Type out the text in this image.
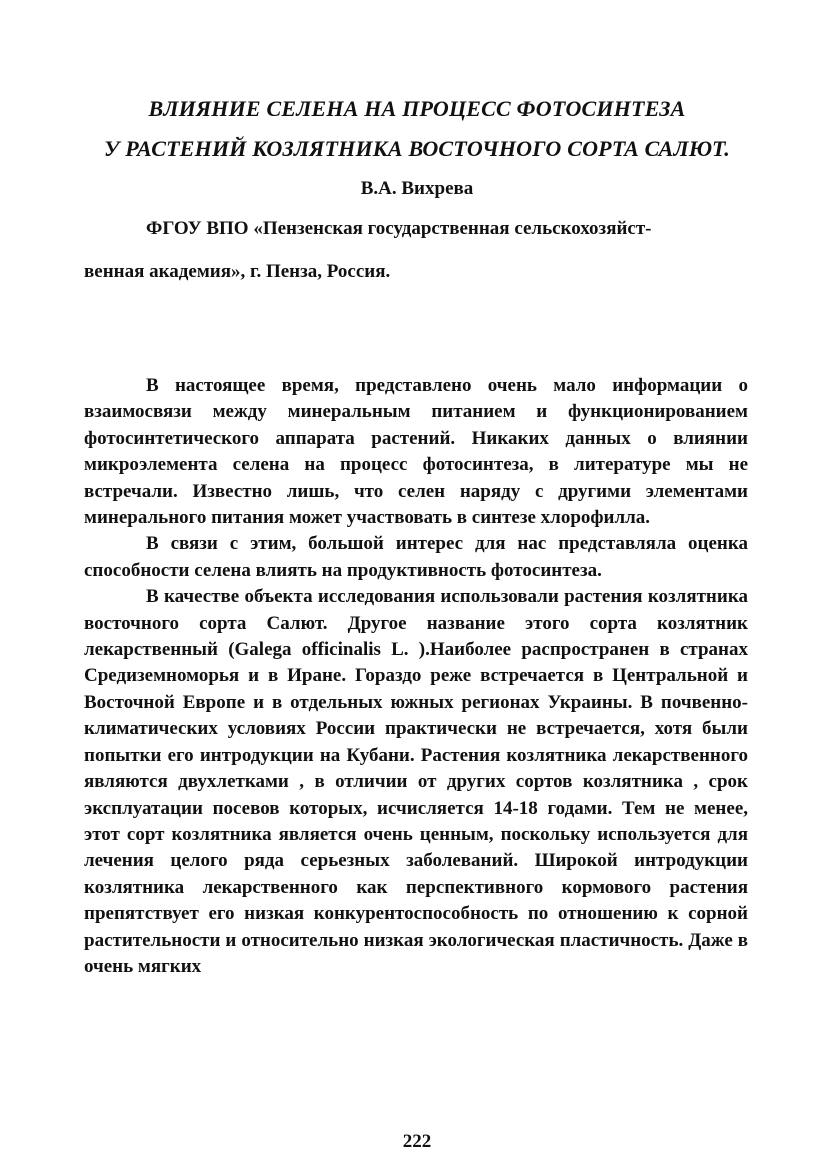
ВЛИЯНИЕ СЕЛЕНА НА ПРОЦЕСС ФОТОСИНТЕЗА
У РАСТЕНИЙ КОЗЛЯТНИКА ВОСТОЧНОГО СОРТА САЛЮТ.
В.А. Вихрева
ФГОУ ВПО «Пензенская государственная сельскохозяйст-
венная академия», г. Пенза, Россия.

В настоящее время, представлено очень мало информации о взаимосвязи между минеральным питанием и функционированием фотосинтетического аппарата растений. Никаких данных о влиянии микроэлемента селена на процесс фотосинтеза, в литературе мы не встречали. Известно лишь, что селен наряду с другими элементами минерального питания может участвовать в синтезе хлорофилла.

В связи с этим, большой интерес для нас представляла оценка способности селена влиять на продуктивность фотосинтеза.

В качестве объекта исследования использовали растения козлятника восточного сорта Салют. Другое название этого сорта козлятник лекарственный (Galega officinalis L. ).Наиболее распространен в странах Средиземноморья и в Иране. Гораздо реже встречается в Центральной и Восточной Европе и в отдельных южных регионах Украины. В почвенно-климатических условиях России практически не встречается, хотя были попытки его интродукции на Кубани. Растения козлятника лекарственного являются двухлетками , в отличии от других сортов козлятника , срок эксплуатации посевов которых, исчисляется 14-18 годами. Тем не менее, этот сорт козлятника является очень ценным, поскольку используется для лечения целого ряда серьезных заболеваний. Широкой интродукции козлятника лекарственного как перспективного кормового растения препятствует его низкая конкурентоспособность по отношению к сорной растительности и относительно низкая экологическая пластичность. Даже в очень мягких

222
